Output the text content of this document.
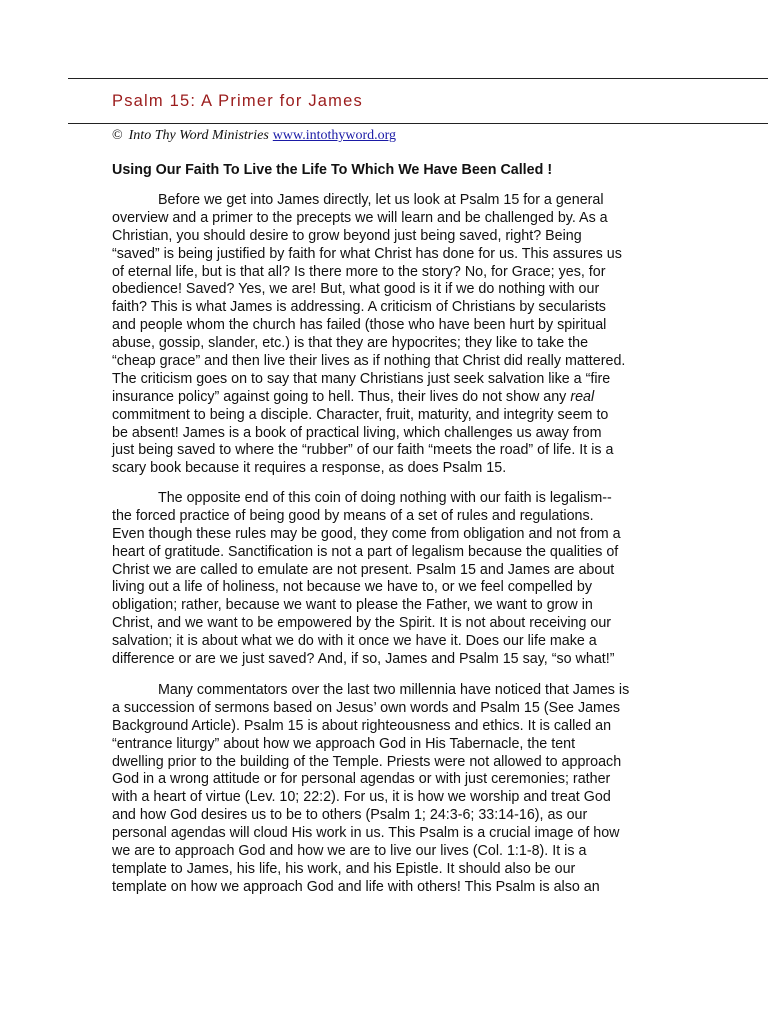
Psalm 15: A Primer for James
© Into Thy Word Ministries www.intothyword.org
Using Our Faith To Live the Life To Which We Have Been Called !
Before we get into James directly, let us look at Psalm 15 for a general
overview and a primer to the precepts we will learn and be challenged by. As a
Christian, you should desire to grow beyond just being saved, right? Being
“saved” is being justified by faith for what Christ has done for us. This assures us
of eternal life, but is that all? Is there more to the story? No, for Grace; yes, for
obedience! Saved? Yes, we are! But, what good is it if we do nothing with our
faith? This is what James is addressing. A criticism of Christians by secularists
and people whom the church has failed (those who have been hurt by spiritual
abuse, gossip, slander, etc.) is that they are hypocrites; they like to take the
“cheap grace” and then live their lives as if nothing that Christ did really mattered.
The criticism goes on to say that many Christians just seek salvation like a “fire
insurance policy” against going to hell. Thus, their lives do not show any real
commitment to being a disciple. Character, fruit, maturity, and integrity seem to
be absent! James is a book of practical living, which challenges us away from
just being saved to where the “rubber” of our faith “meets the road” of life. It is a
scary book because it requires a response, as does Psalm 15.
The opposite end of this coin of doing nothing with our faith is legalism--
the forced practice of being good by means of a set of rules and regulations.
Even though these rules may be good, they come from obligation and not from a
heart of gratitude. Sanctification is not a part of legalism because the qualities of
Christ we are called to emulate are not present. Psalm 15 and James are about
living out a life of holiness, not because we have to, or we feel compelled by
obligation; rather, because we want to please the Father, we want to grow in
Christ, and we want to be empowered by the Spirit. It is not about receiving our
salvation; it is about what we do with it once we have it. Does our life make a
difference or are we just saved? And, if so, James and Psalm 15 say, “so what!”
Many commentators over the last two millennia have noticed that James is
a succession of sermons based on Jesus’ own words and Psalm 15 (See James
Background Article). Psalm 15 is about righteousness and ethics. It is called an
“entrance liturgy” about how we approach God in His Tabernacle, the tent
dwelling prior to the building of the Temple. Priests were not allowed to approach
God in a wrong attitude or for personal agendas or with just ceremonies; rather
with a heart of virtue (Lev. 10; 22:2). For us, it is how we worship and treat God
and how God desires us to be to others (Psalm 1; 24:3-6; 33:14-16), as our
personal agendas will cloud His work in us. This Psalm is a crucial image of how
we are to approach God and how we are to live our lives (Col. 1:1-8). It is a
template to James, his life, his work, and his Epistle. It should also be our
template on how we approach God and life with others! This Psalm is also an
